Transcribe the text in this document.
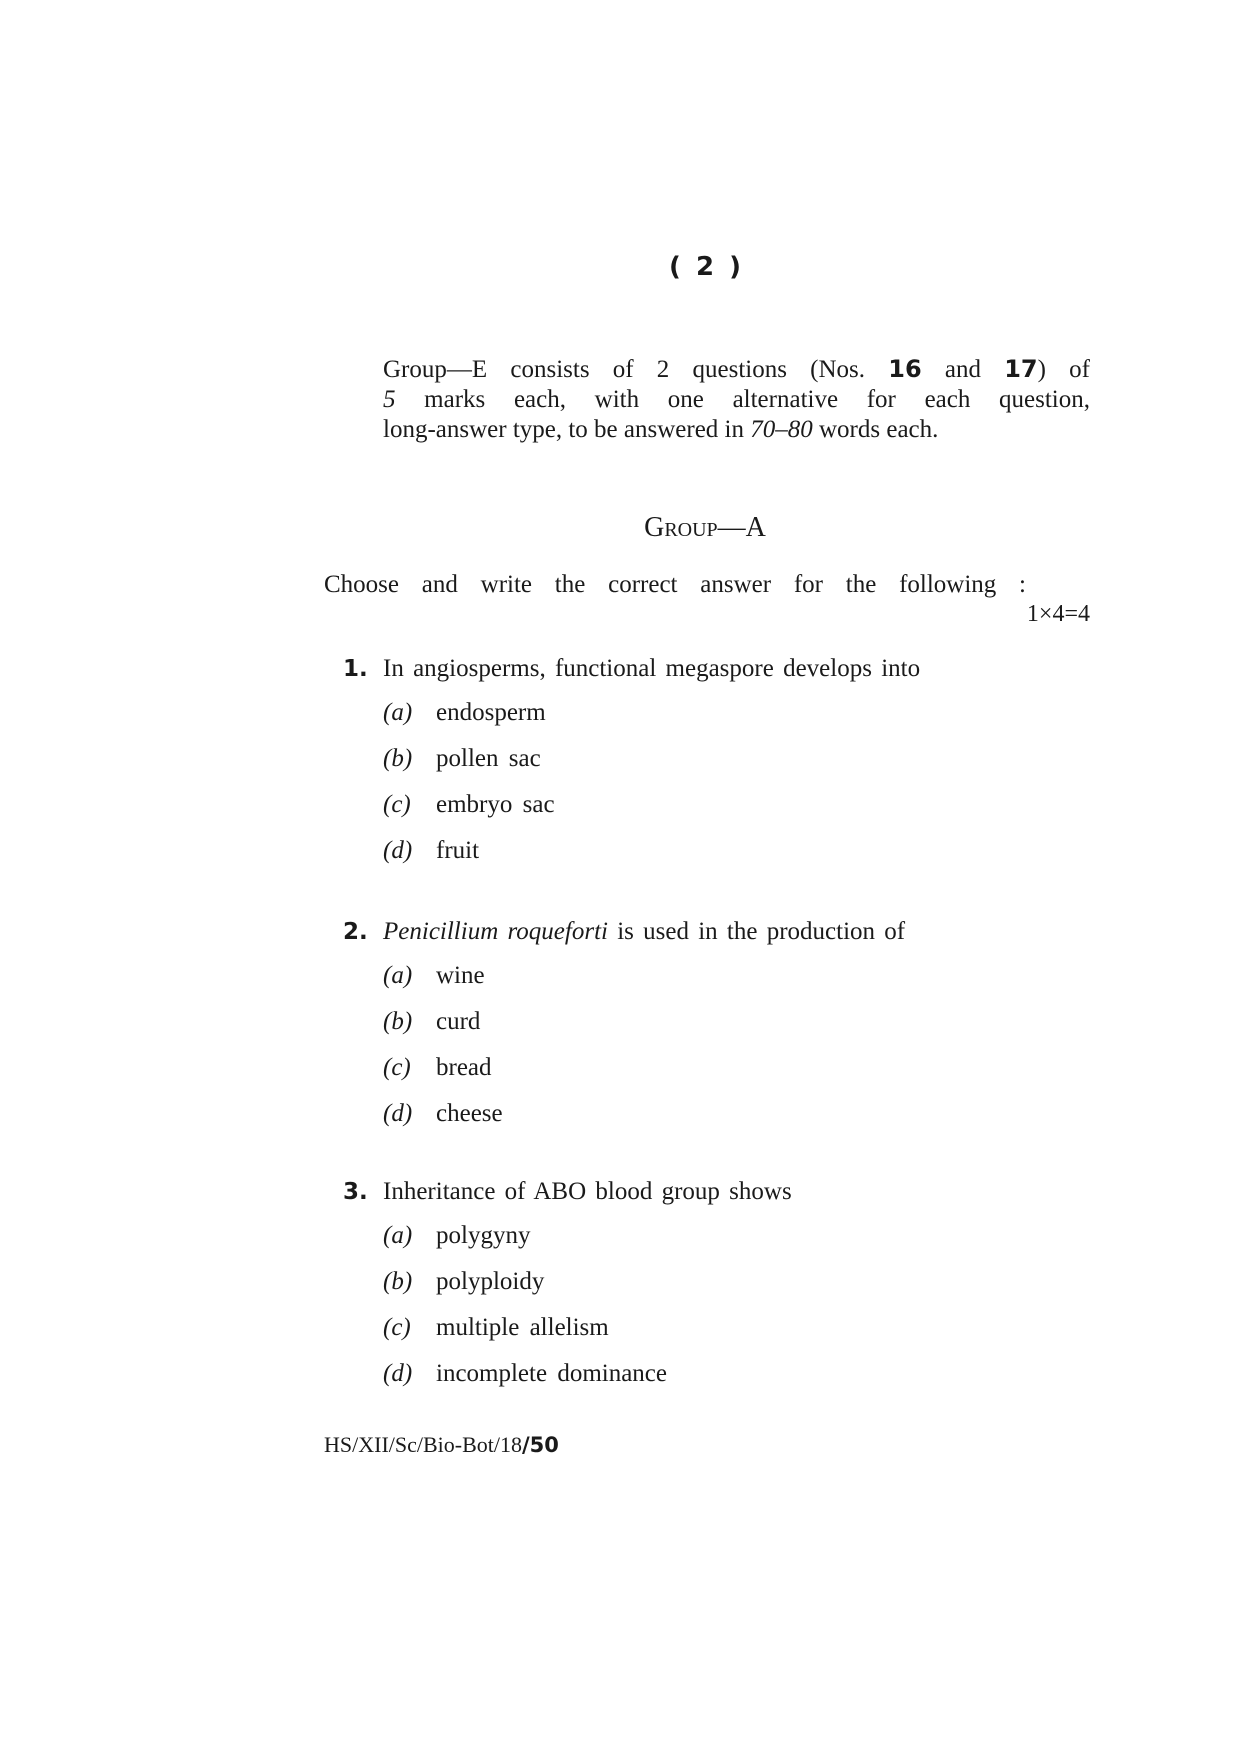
( 2 )
Group—E consists of 2 questions (Nos. 16 and 17) of
5 marks each, with one alternative for each question,
long-answer type, to be answered in 70–80 words each.
Group—A
Choose and write the correct answer for the following :
1×4=4
1. In angiosperms, functional megaspore develops into
(a) endosperm
(b) pollen sac
(c) embryo sac
(d) fruit
2. Penicillium roqueforti is used in the production of
(a) wine
(b) curd
(c) bread
(d) cheese
3. Inheritance of ABO blood group shows
(a) polygyny
(b) polyploidy
(c) multiple allelism
(d) incomplete dominance
HS/XII/Sc/Bio-Bot/18/50
